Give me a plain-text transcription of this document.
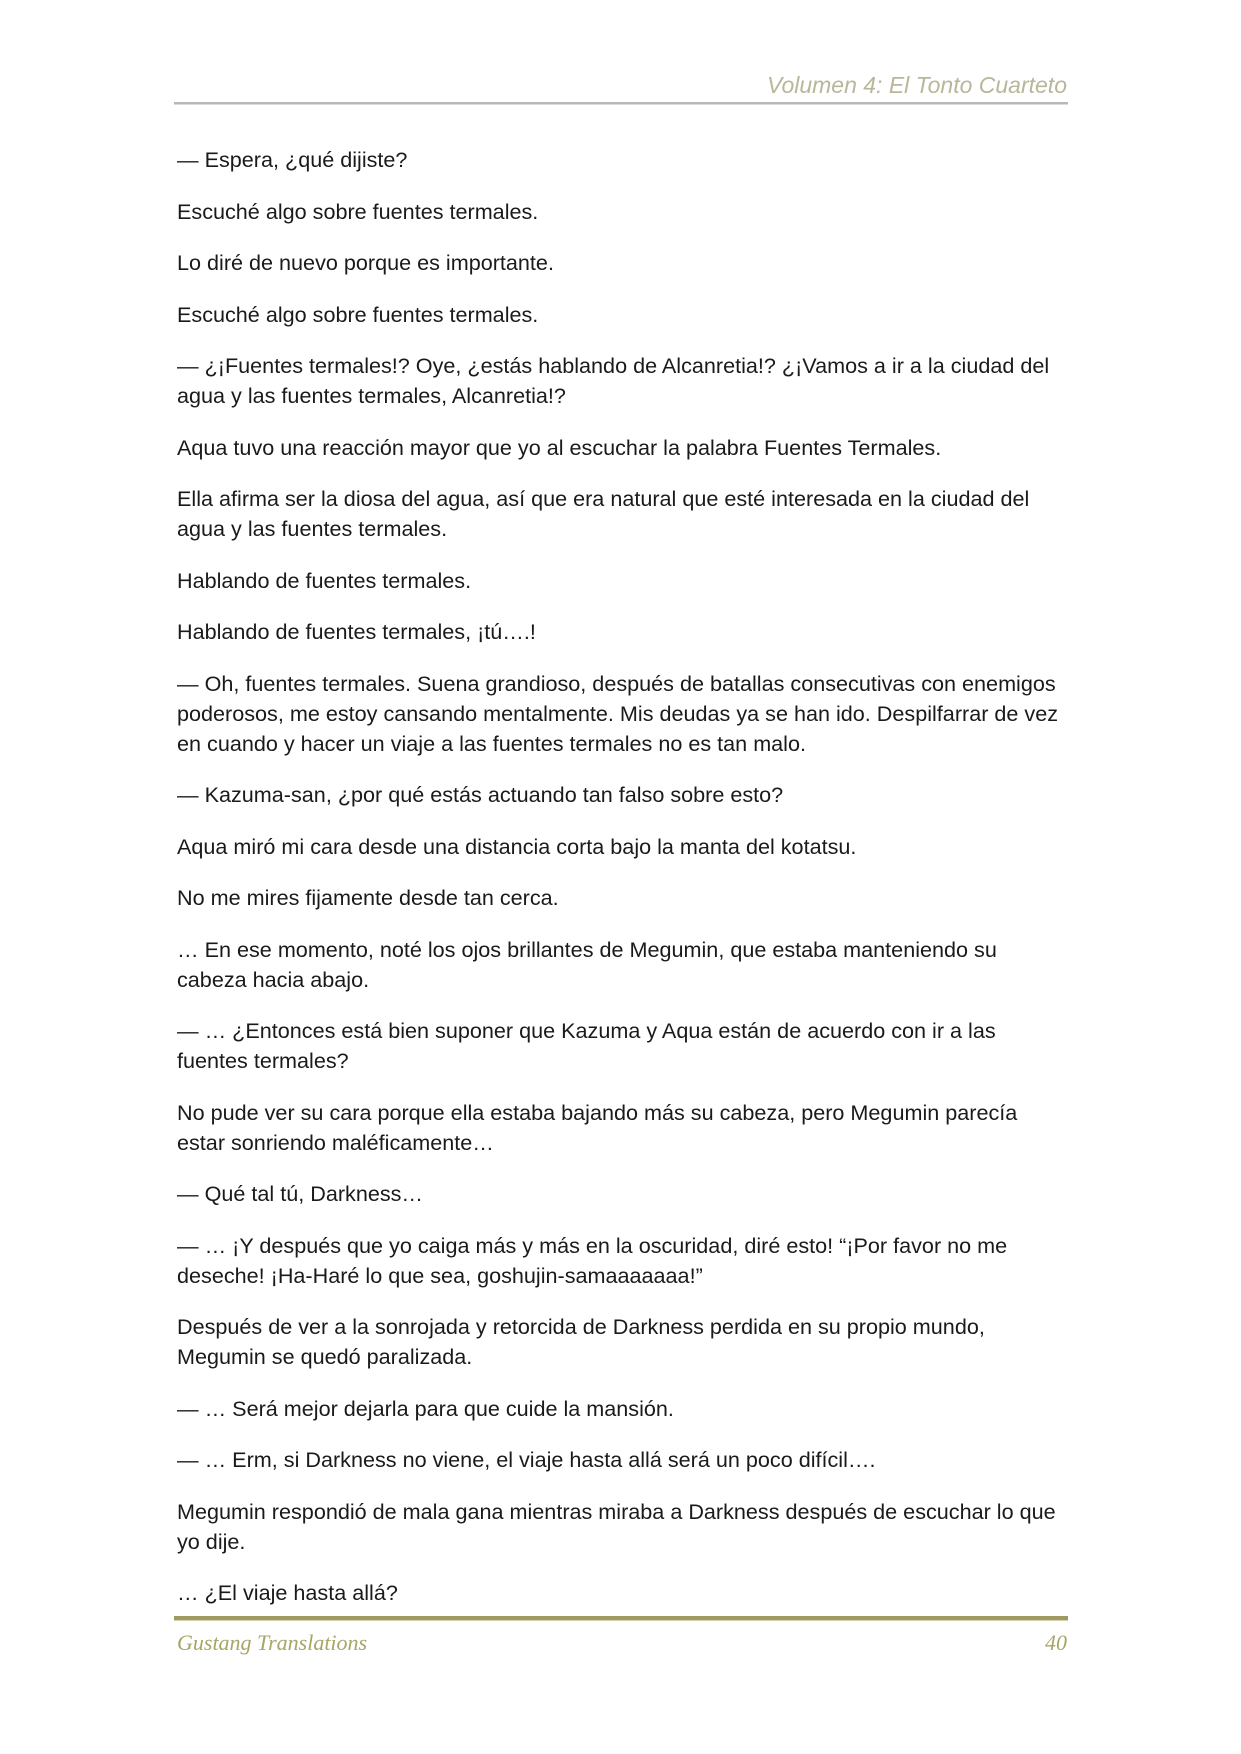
Volumen 4: El Tonto Cuarteto

— Espera, ¿qué dijiste?

Escuché algo sobre fuentes termales.

Lo diré de nuevo porque es importante.

Escuché algo sobre fuentes termales.

— ¿¡Fuentes termales!? Oye, ¿estás hablando de Alcanretia!? ¿¡Vamos a ir a la ciudad del agua y las fuentes termales, Alcanretia!?

Aqua tuvo una reacción mayor que yo al escuchar la palabra Fuentes Termales.

Ella afirma ser la diosa del agua, así que era natural que esté interesada en la ciudad del agua y las fuentes termales.

Hablando de fuentes termales.

Hablando de fuentes termales, ¡tú….!

— Oh, fuentes termales. Suena grandioso, después de batallas consecutivas con enemigos poderosos, me estoy cansando mentalmente. Mis deudas ya se han ido. Despilfarrar de vez en cuando y hacer un viaje a las fuentes termales no es tan malo.

— Kazuma-san, ¿por qué estás actuando tan falso sobre esto?

Aqua miró mi cara desde una distancia corta bajo la manta del kotatsu.

No me mires fijamente desde tan cerca.

… En ese momento, noté los ojos brillantes de Megumin, que estaba manteniendo su cabeza hacia abajo.

— … ¿Entonces está bien suponer que Kazuma y Aqua están de acuerdo con ir a las fuentes termales?

No pude ver su cara porque ella estaba bajando más su cabeza, pero Megumin parecía estar sonriendo maléficamente…

— Qué tal tú, Darkness…

— … ¡Y después que yo caiga más y más en la oscuridad, diré esto! “¡Por favor no me deseche! ¡Ha-Haré lo que sea, goshujin-samaaaaaaa!”

Después de ver a la sonrojada y retorcida de Darkness perdida en su propio mundo, Megumin se quedó paralizada.

— … Será mejor dejarla para que cuide la mansión.

— … Erm, si Darkness no viene, el viaje hasta allá será un poco difícil….

Megumin respondió de mala gana mientras miraba a Darkness después de escuchar lo que yo dije.

… ¿El viaje hasta allá?

Gustang Translations	40
